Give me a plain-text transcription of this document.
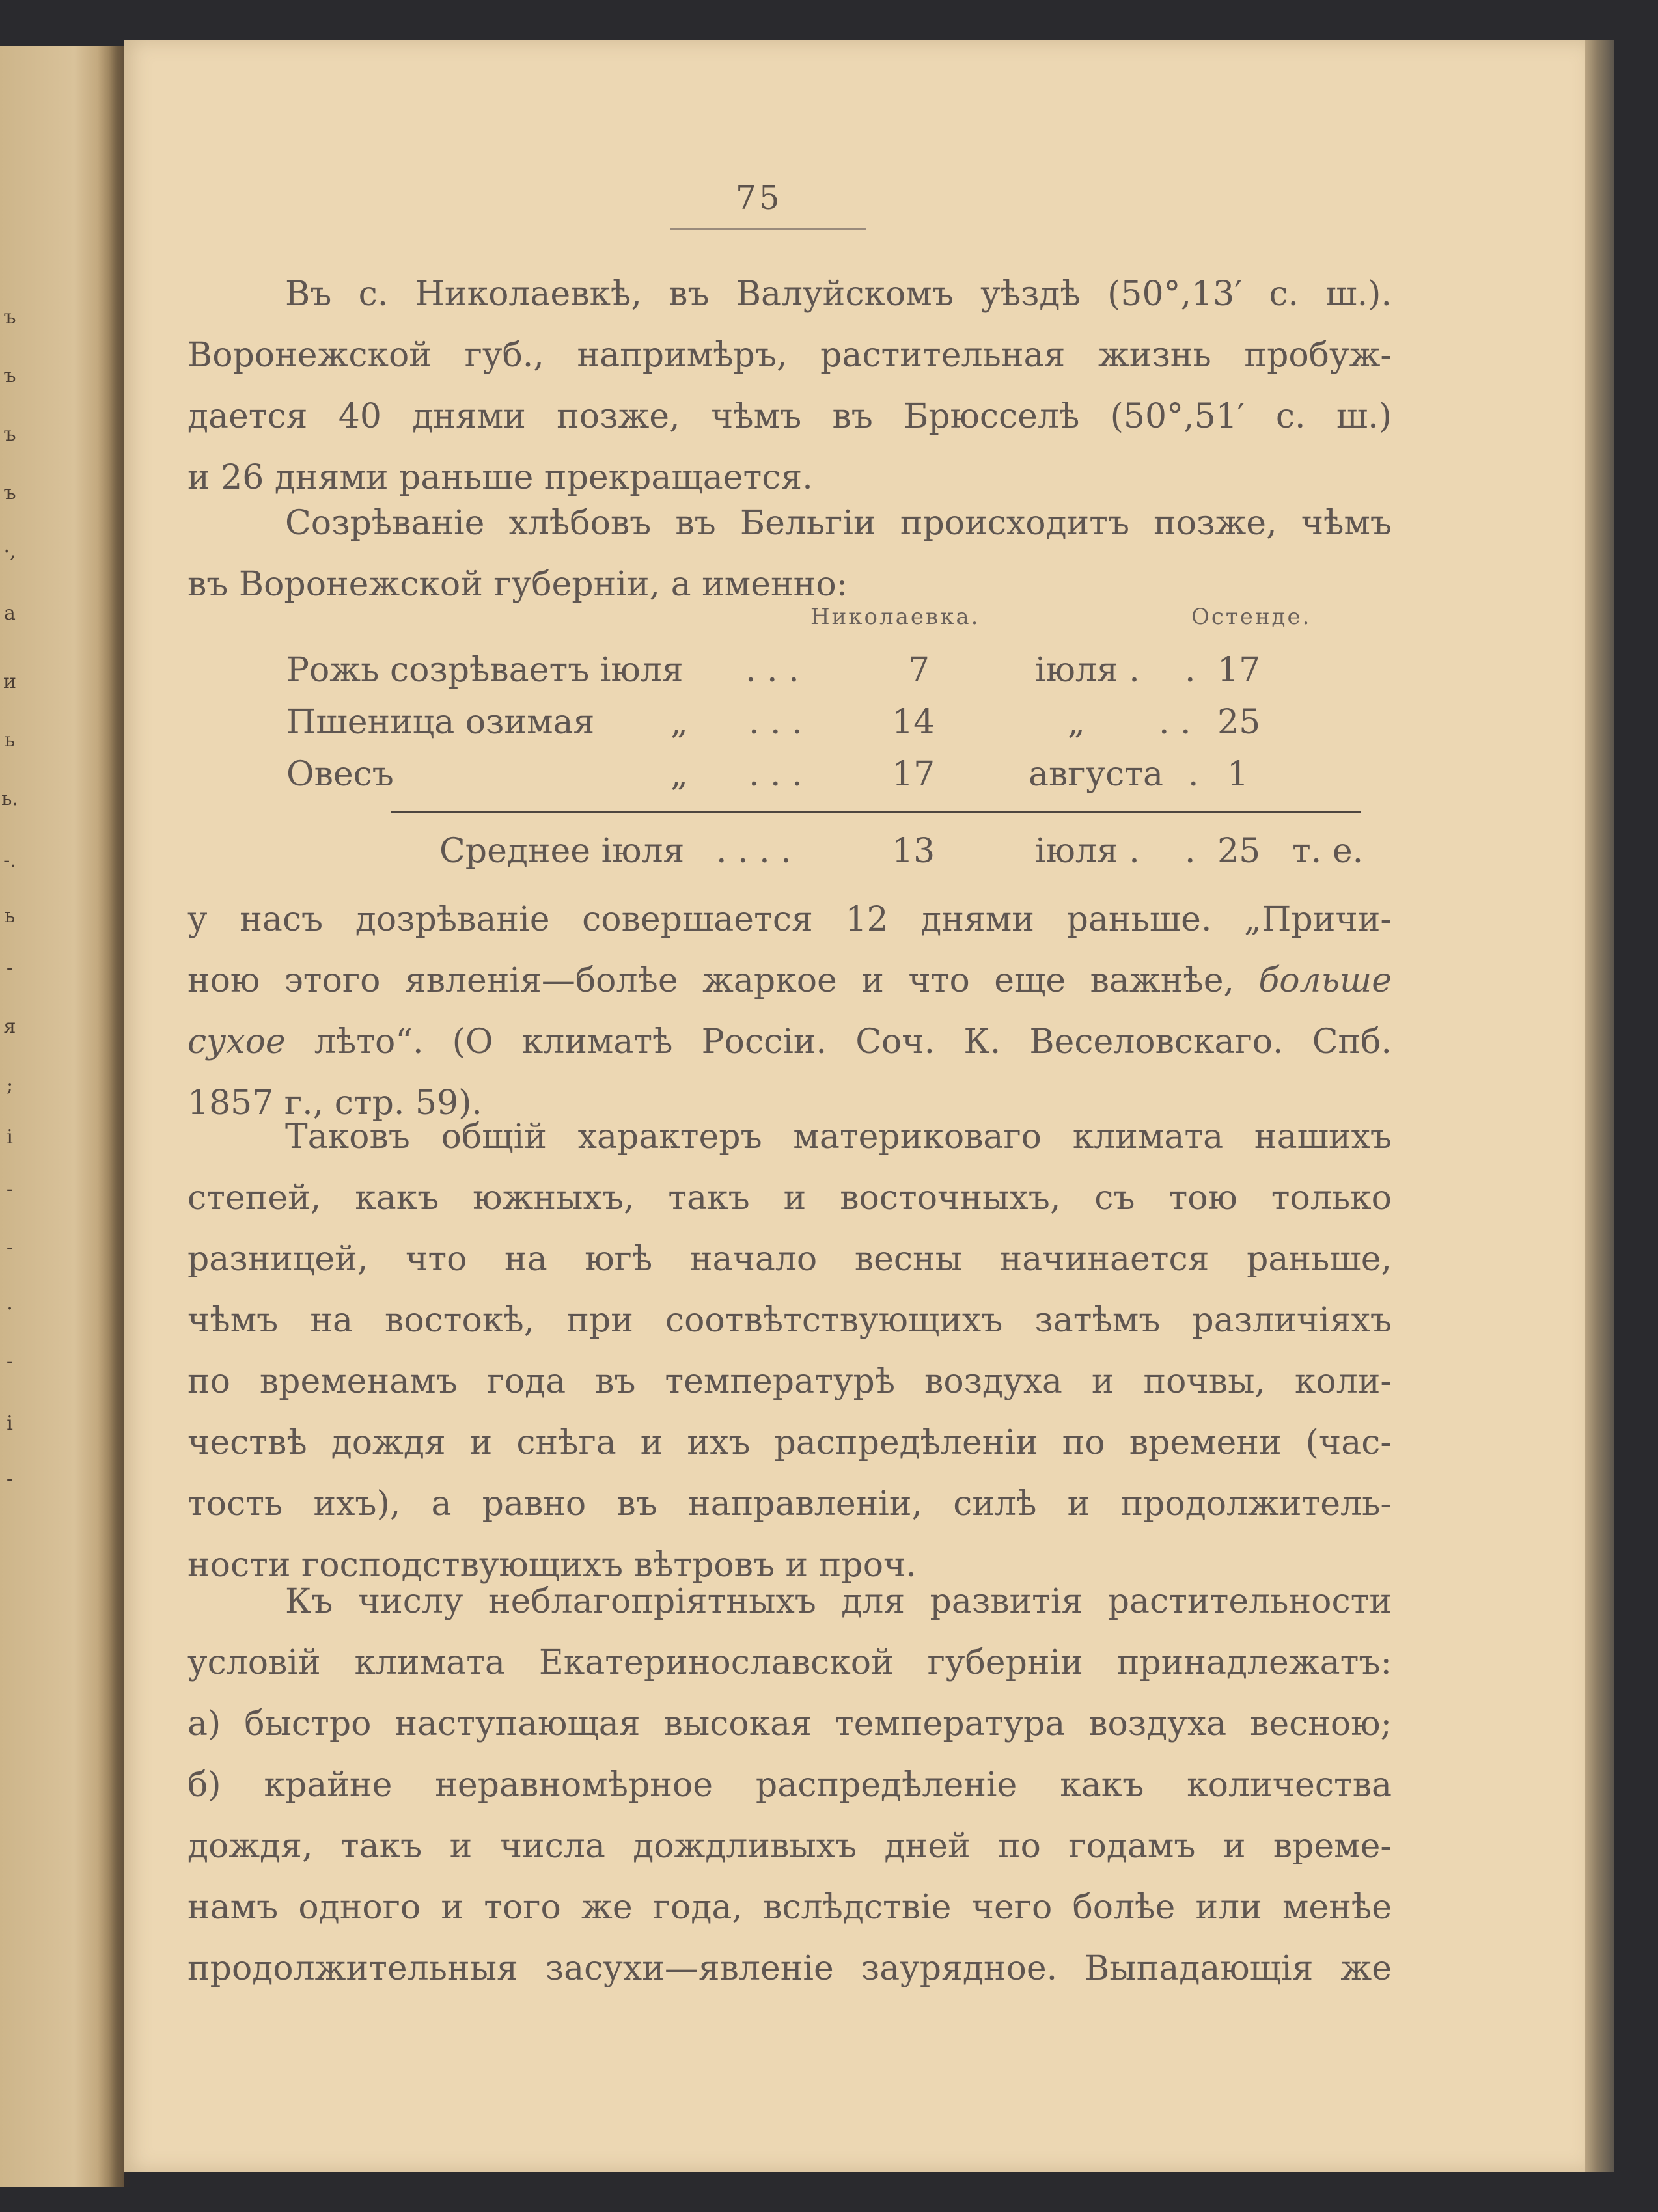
ъ
ъ
ъ
ъ
·,
а
и
ь
ь.
-.
ь
-
я
;
і
-
-
.
-
і
-
75
Въ с. Николаевкѣ, въ Валуйскомъ уѣздѣ (50°,13′ с. ш.).
Воронежской губ., напримѣръ, растительная жизнь пробуж-
дается 40 днями позже, чѣмъ въ Брюсселѣ (50°,51′ с. ш.)
и 26 днями раньше прекращается.
Созрѣваніе хлѣбовъ въ Бельгіи происходитъ позже, чѣмъ
въ Воронежской губерніи, а именно:
Николаевка.	Остенде.
Рожь созрѣваетъ іюля . . .	7	іюля . . 17
Пшеница озимая „ . . .	14	„ . . 25
Овесъ	„ . . .	17	августа . 1
Среднее іюля . . . .	13	іюля . . 25 т. е.
у насъ дозрѣваніе совершается 12 днями раньше. „Причи-
ною этого явленія—болѣе жаркое и что еще важнѣе, больше
сухое лѣто“. (О климатѣ Россіи. Соч. К. Веселовскаго. Спб.
1857 г., стр. 59).
Таковъ общій характеръ материковаго климата нашихъ
степей, какъ южныхъ, такъ и восточныхъ, съ тою только
разницей, что на югѣ начало весны начинается раньше,
чѣмъ на востокѣ, при соотвѣтствующихъ затѣмъ различіяхъ
по временамъ года въ температурѣ воздуха и почвы, коли-
чествѣ дождя и снѣга и ихъ распредѣленіи по времени (час-
тость ихъ), а равно въ направленіи, силѣ и продолжитель-
ности господствующихъ вѣтровъ и проч.
Къ числу неблагопріятныхъ для развитія растительности
условій климата Екатеринославской губерніи принадлежатъ:
а) быстро наступающая высокая температура воздуха весною;
б) крайне неравномѣрное распредѣленіе какъ количества
дождя, такъ и числа дождливыхъ дней по годамъ и време-
намъ одного и того же года, вслѣдствіе чего болѣе или менѣе
продолжительныя засухи—явленіе заурядное. Выпадающія же
